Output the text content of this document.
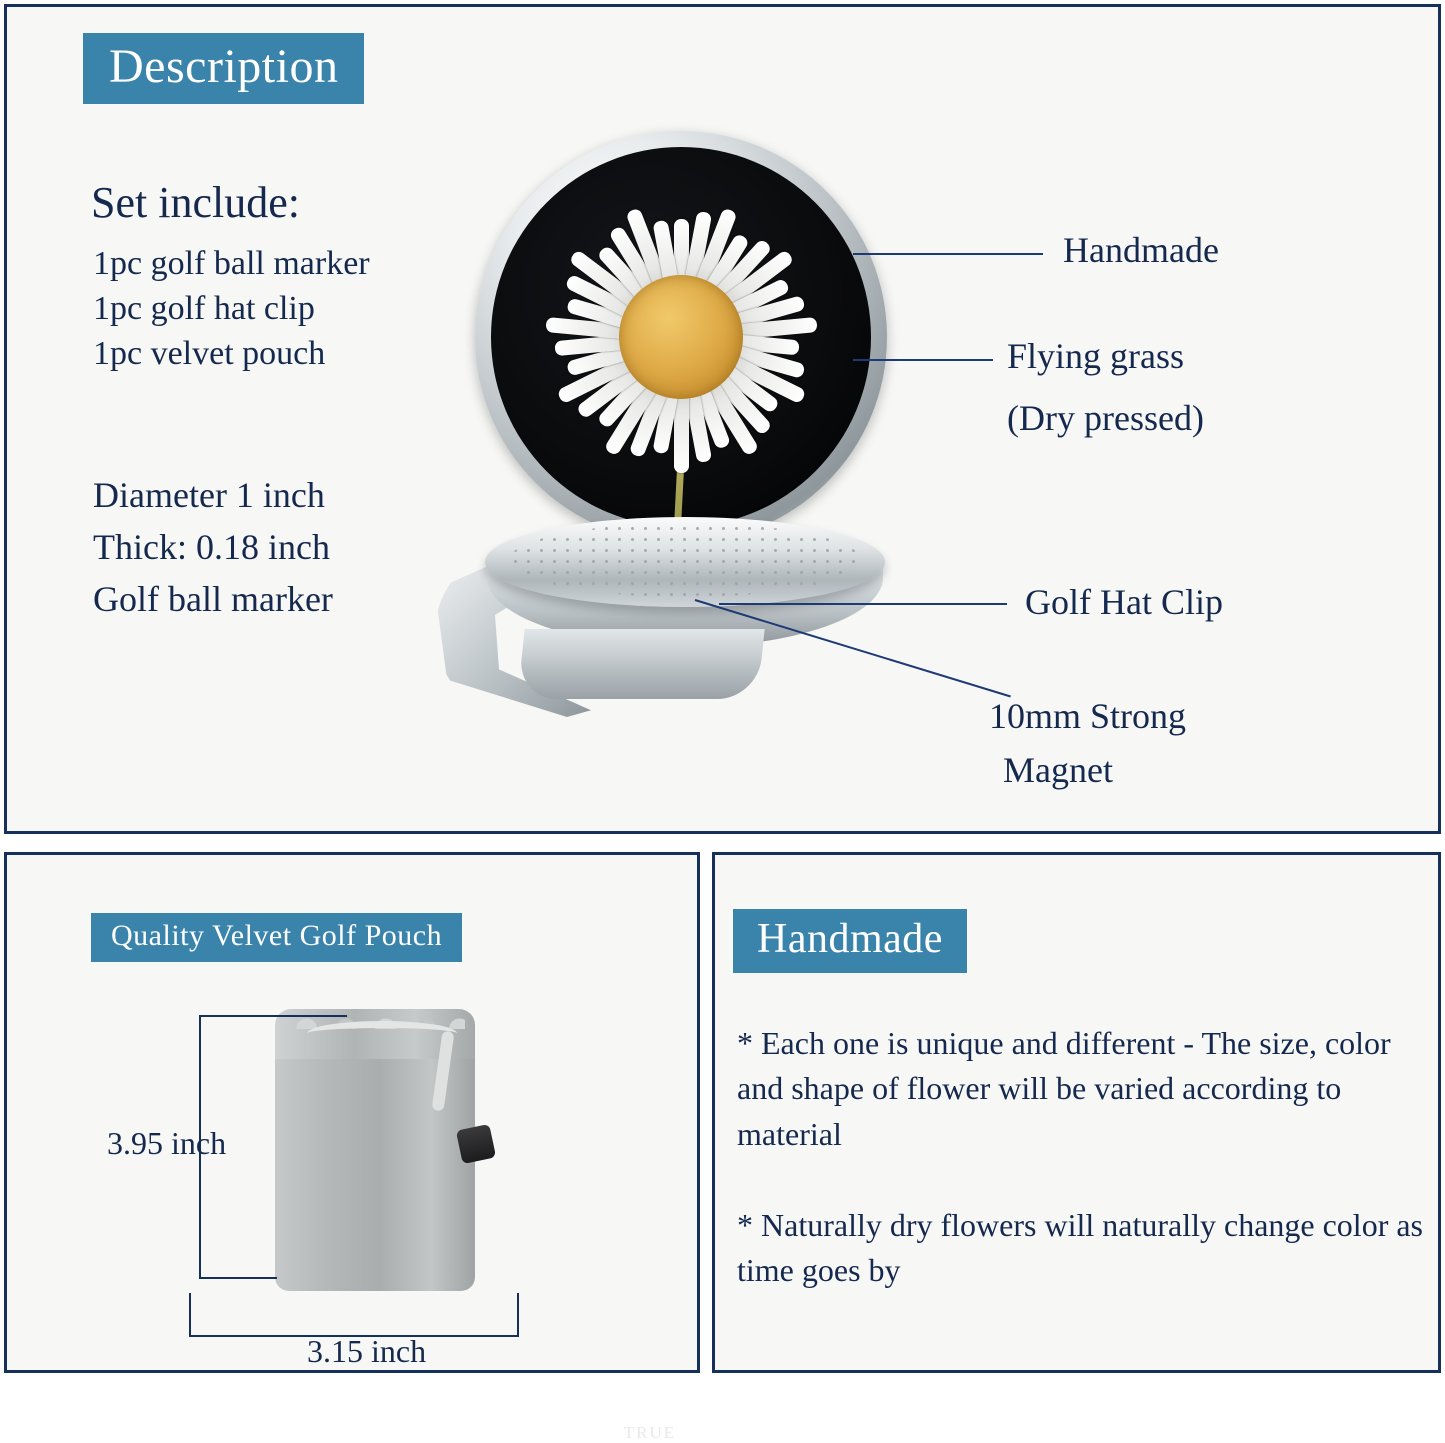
Description
Set include:
1pc golf ball marker
1pc golf hat clip
1pc velvet pouch
Diameter 1 inch
Thick: 0.18 inch
Golf ball marker
Handmade
Flying grass
(Dry pressed)
Golf Hat Clip
10mm Strong
Magnet
Quality Velvet Golf Pouch
TRUE
3.95 inch
3.15 inch
Handmade
* Each one is unique and different - The size, color and shape of flower will be varied according to material
* Naturally dry flowers will naturally change color as time goes by
